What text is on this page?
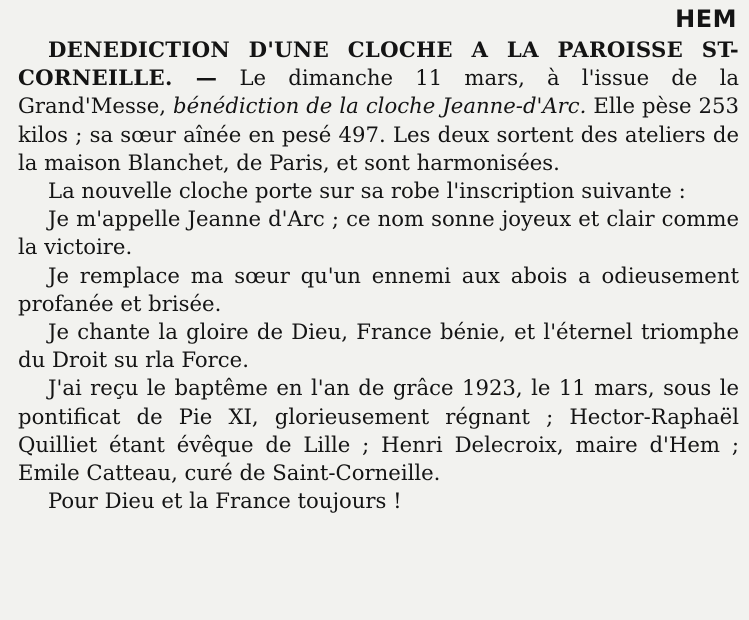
HEM

DENEDICTION D'UNE CLOCHE A LA PAROISSE ST-CORNEILLE. — Le dimanche 11 mars, à l'issue de la Grand'Messe, bénédiction de la cloche Jeanne-d'Arc. Elle pèse 253 kilos ; sa sœur aînée en pesé 497. Les deux sortent des ateliers de la maison Blanchet, de Paris, et sont harmonisées.

La nouvelle cloche porte sur sa robe l'inscription suivante :

Je m'appelle Jeanne d'Arc ; ce nom sonne joyeux et clair comme la victoire.

Je remplace ma sœur qu'un ennemi aux abois a odieusement profanée et brisée.

Je chante la gloire de Dieu, France bénie, et l'éternel triomphe du Droit su rla Force.

J'ai reçu le baptême en l'an de grâce 1923, le 11 mars, sous le pontificat de Pie XI, glorieusement régnant ; Hector-Raphaël Quilliet étant évêque de Lille ; Henri Delecroix, maire d'Hem ; Emile Catteau, curé de Saint-Corneille.

Pour Dieu et la France toujours !
